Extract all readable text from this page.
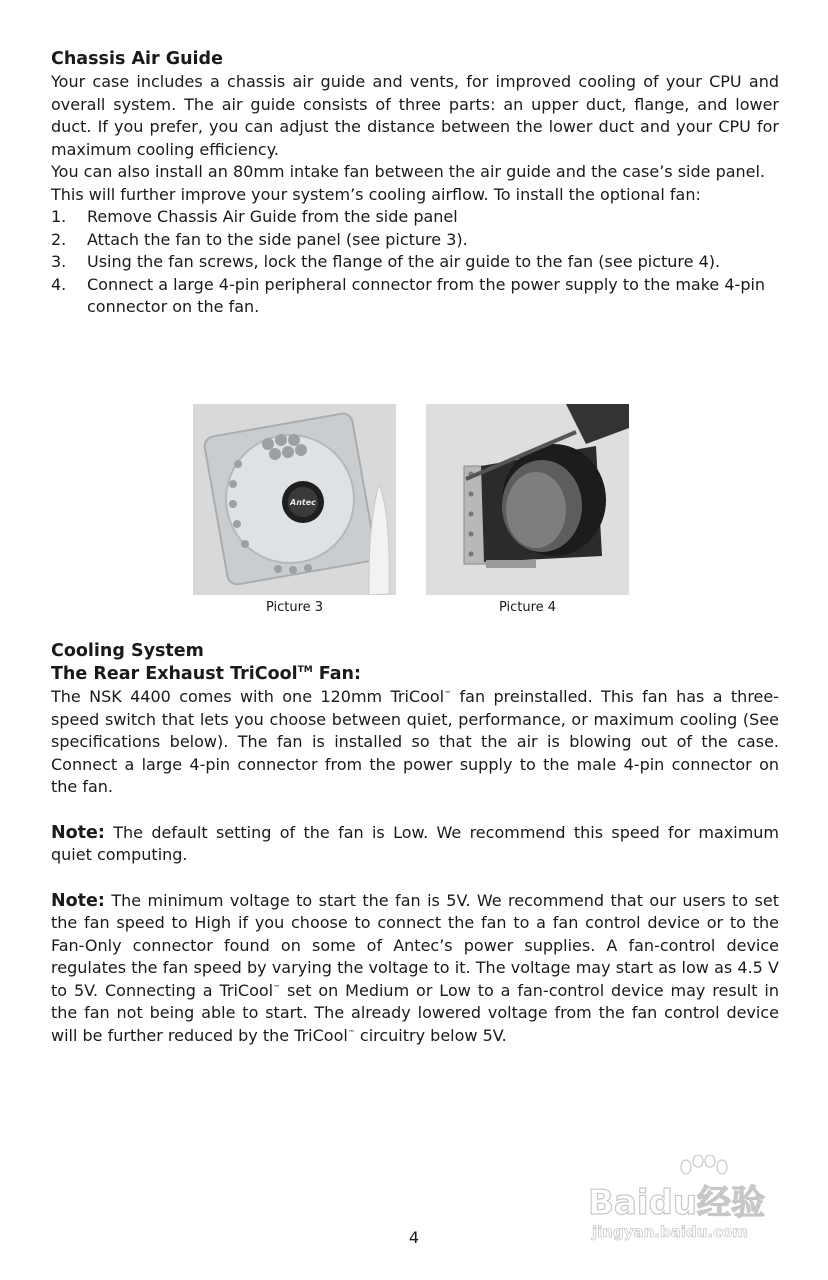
Chassis Air Guide

Your case includes a chassis air guide and vents, for improved cooling of your CPU and overall system. The air guide consists of three parts: an upper duct, flange, and lower duct. If you prefer, you can adjust the distance between the lower duct and your CPU for maximum cooling efficiency.

You can also install an 80mm intake fan between the air guide and the case’s side panel. This will further improve your system’s cooling airflow. To install the optional fan:

1. Remove Chassis Air Guide from the side panel
2. Attach the fan to the side panel (see picture 3).
3. Using the fan screws, lock the flange of the air guide to the fan (see picture 4).
4. Connect a large 4-pin peripheral connector from the power supply to the make 4-pin connector on the fan.
Antec
Picture 3	Picture 4

Cooling System

The Rear Exhaust TriCool™ Fan:

The NSK 4400 comes with one 120mm TriCool™ fan preinstalled. This fan has a three-speed switch that lets you choose between quiet, performance, or maximum cooling (See specifications below). The fan is installed so that the air is blowing out of the case. Connect a large 4-pin connector from the power supply to the male 4-pin connector on the fan.

Note: The default setting of the fan is Low. We recommend this speed for maximum quiet computing.

Note: The minimum voltage to start the fan is 5V. We recommend that our users to set the fan speed to High if you choose to connect the fan to a fan control device or to the Fan-Only connector found on some of Antec’s power supplies. A fan-control device regulates the fan speed by varying the voltage to it. The voltage may start as low as 4.5 V to 5V. Connecting a TriCool™ set on Medium or Low to a fan-control device may result in the fan not being able to start. The already lowered voltage from the fan control device will be further reduced by the TriCool™ circuitry below 5V.

Baidu经验
jingyan.baidu.com
4
